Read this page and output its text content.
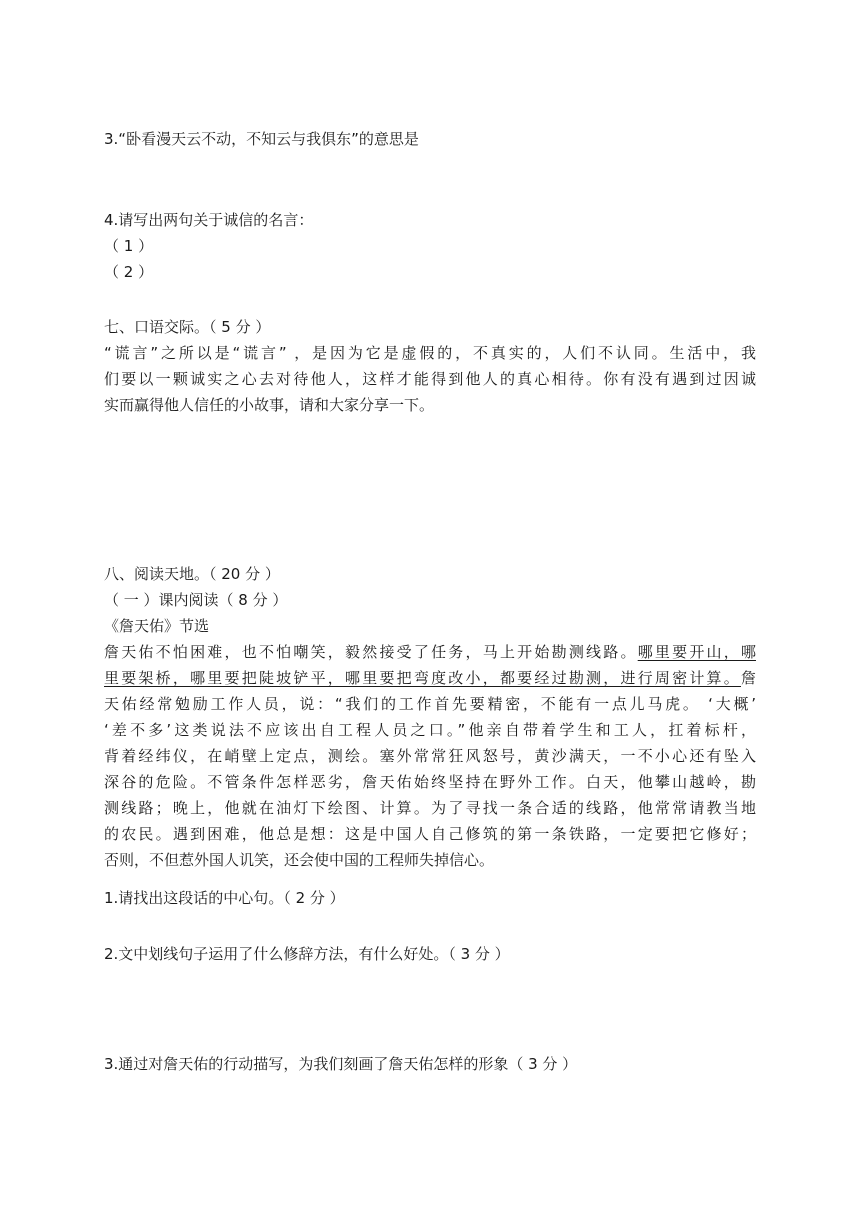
3.“卧看漫天云不动，不知云与我俱东”的意思是
4.请写出两句关于诚信的名言：
（ 1 ）
（ 2 ）
七、口语交际。（ 5 分 ）
“谎言”之所以是“谎言” ，是因为它是虚假的，不真实的，人们不认同。生活中，我
们要以一颗诚实之心去对待他人，这样才能得到他人的真心相待。你有没有遇到过因诚
实而赢得他人信任的小故事，请和大家分享一下。
八、阅读天地。（ 20 分 ）
（ 一 ）课内阅读（ 8 分 ）
《詹天佑》节选
詹天佑不怕困难，也不怕嘲笑，毅然接受了任务，马上开始勘测线路。哪里要开山，哪
里要架桥，哪里要把陡坡铲平，哪里要把弯度改小，都要经过勘测，进行周密计算。詹
天佑经常勉励工作人员，说：“我们的工作首先要精密，不能有一点儿马虎。 ‘大概’
‘差不多’这类说法不应该出自工程人员之口。”他亲自带着学生和工人，扛着标杆，
背着经纬仪，在峭壁上定点，测绘。塞外常常狂风怒号，黄沙满天，一不小心还有坠入
深谷的危险。不管条件怎样恶劣，詹天佑始终坚持在野外工作。白天，他攀山越岭，勘
测线路；晚上，他就在油灯下绘图、计算。为了寻找一条合适的线路，他常常请教当地
的农民。遇到困难，他总是想：这是中国人自己修筑的第一条铁路，一定要把它修好；
否则，不但惹外国人讥笑，还会使中国的工程师失掉信心。
1.请找出这段话的中心句。（ 2 分 ）
2.文中划线句子运用了什么修辞方法，有什么好处。（ 3 分 ）
3.通过对詹天佑的行动描写，为我们刻画了詹天佑怎样的形象（ 3 分 ）
